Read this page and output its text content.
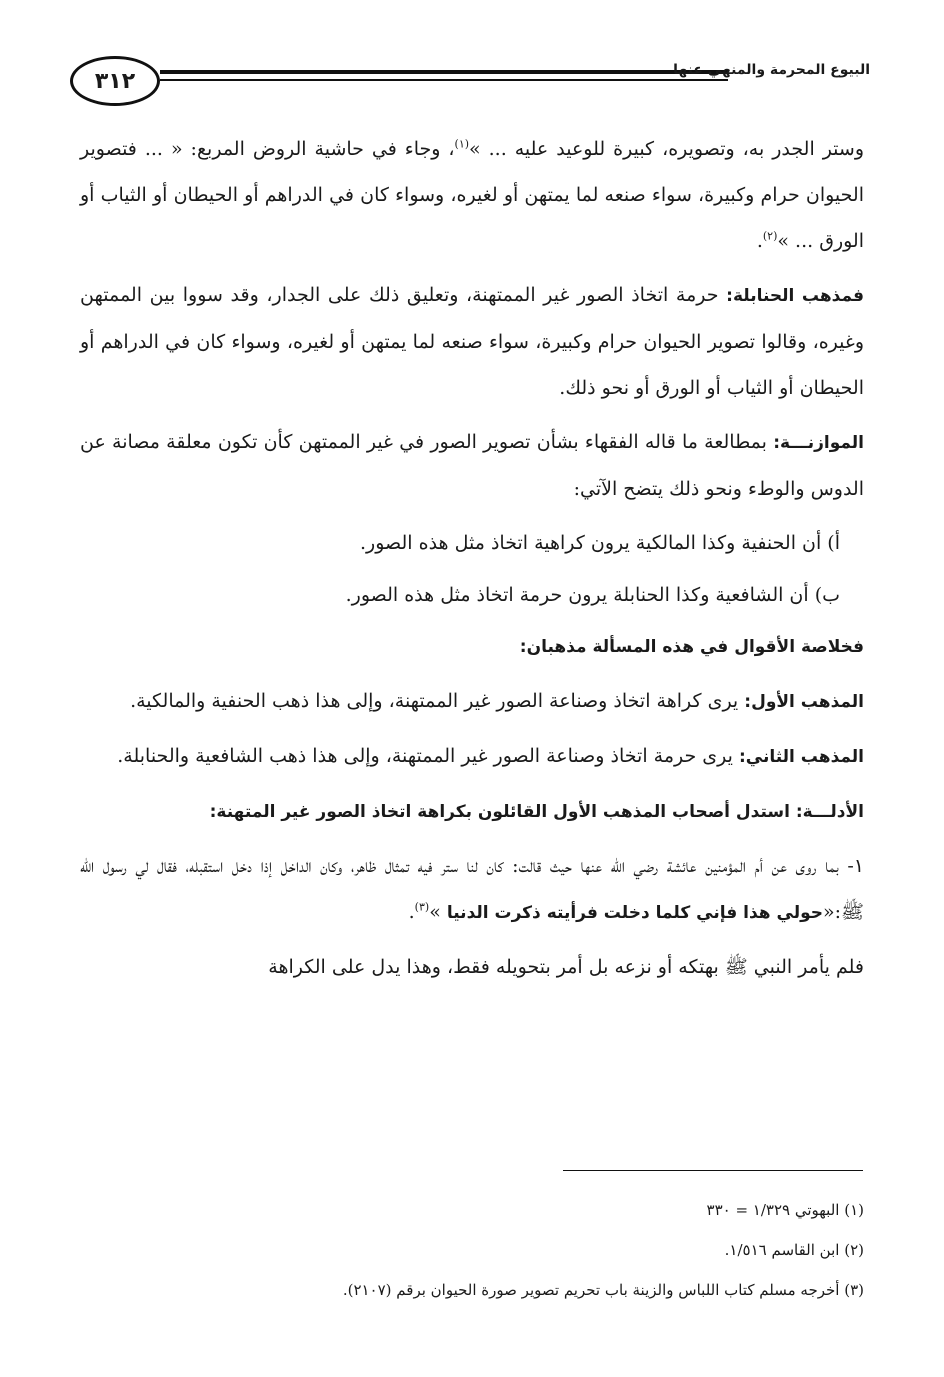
٣١٢	البيوع المحرمة والمنهي عنها

وستر الجدر به، وتصويره، كبيرة للوعيد عليه ... »$^{(١)}$، وجاء في حاشية الروض المربع: « ... فتصوير الحيوان حرام وكبيرة، سواء صنعه لما يمتهن أو لغيره، وسواء كان في الدراهم أو الحيطان أو الثياب أو الورق ... »$^{(٢)}$.

فمذهب الحنابلة: حرمة اتخاذ الصور غير الممتهنة، وتعليق ذلك على الجدار، وقد سووا بين الممتهن وغيره، وقالوا تصوير الحيوان حرام وكبيرة، سواء صنعه لما يمتهن أو لغيره، وسواء كان في الدراهم أو الحيطان أو الثياب أو الورق أو نحو ذلك.

الموازنـــة: بمطالعة ما قاله الفقهاء بشأن تصوير الصور في غير الممتهن كأن تكون معلقة مصانة عن الدوس والوطء ونحو ذلك يتضح الآتي:

أ) أن الحنفية وكذا المالكية يرون كراهية اتخاذ مثل هذه الصور.

ب) أن الشافعية وكذا الحنابلة يرون حرمة اتخاذ مثل هذه الصور.

فخلاصة الأقوال في هذه المسألة مذهبان:

المذهب الأول: يرى كراهة اتخاذ وصناعة الصور غير الممتهنة، وإلى هذا ذهب الحنفية والمالكية.

المذهب الثاني: يرى حرمة اتخاذ وصناعة الصور غير الممتهنة، وإلى هذا ذهب الشافعية والحنابلة.

الأدلـــة: استدل أصحاب المذهب الأول القائلون بكراهة اتخاذ الصور غير المتهنة:

١- بما روى عن أم المؤمنين عائشة رضي الله عنها حيث قالت: كان لنا ستر فيه تمثال ظاهر، وكان الداخل إذا دخل استقبله، فقال لي رسول الله ﷺ:«حولي هذا فإني كلما دخلت فرأيته ذكرت الدنيا »$^{(٣)}$.

فلم يأمر النبي ﷺ بهتكه أو نزعه بل أمر بتحويله فقط، وهذا يدل على الكراهة

(١) البهوتي ١/٣٢٩ = ٣٣٠

(٢) ابن القاسم ١/٥١٦.

(٣) أخرجه مسلم كتاب اللباس والزينة باب تحريم تصوير صورة الحيوان برقم (٢١٠٧).
